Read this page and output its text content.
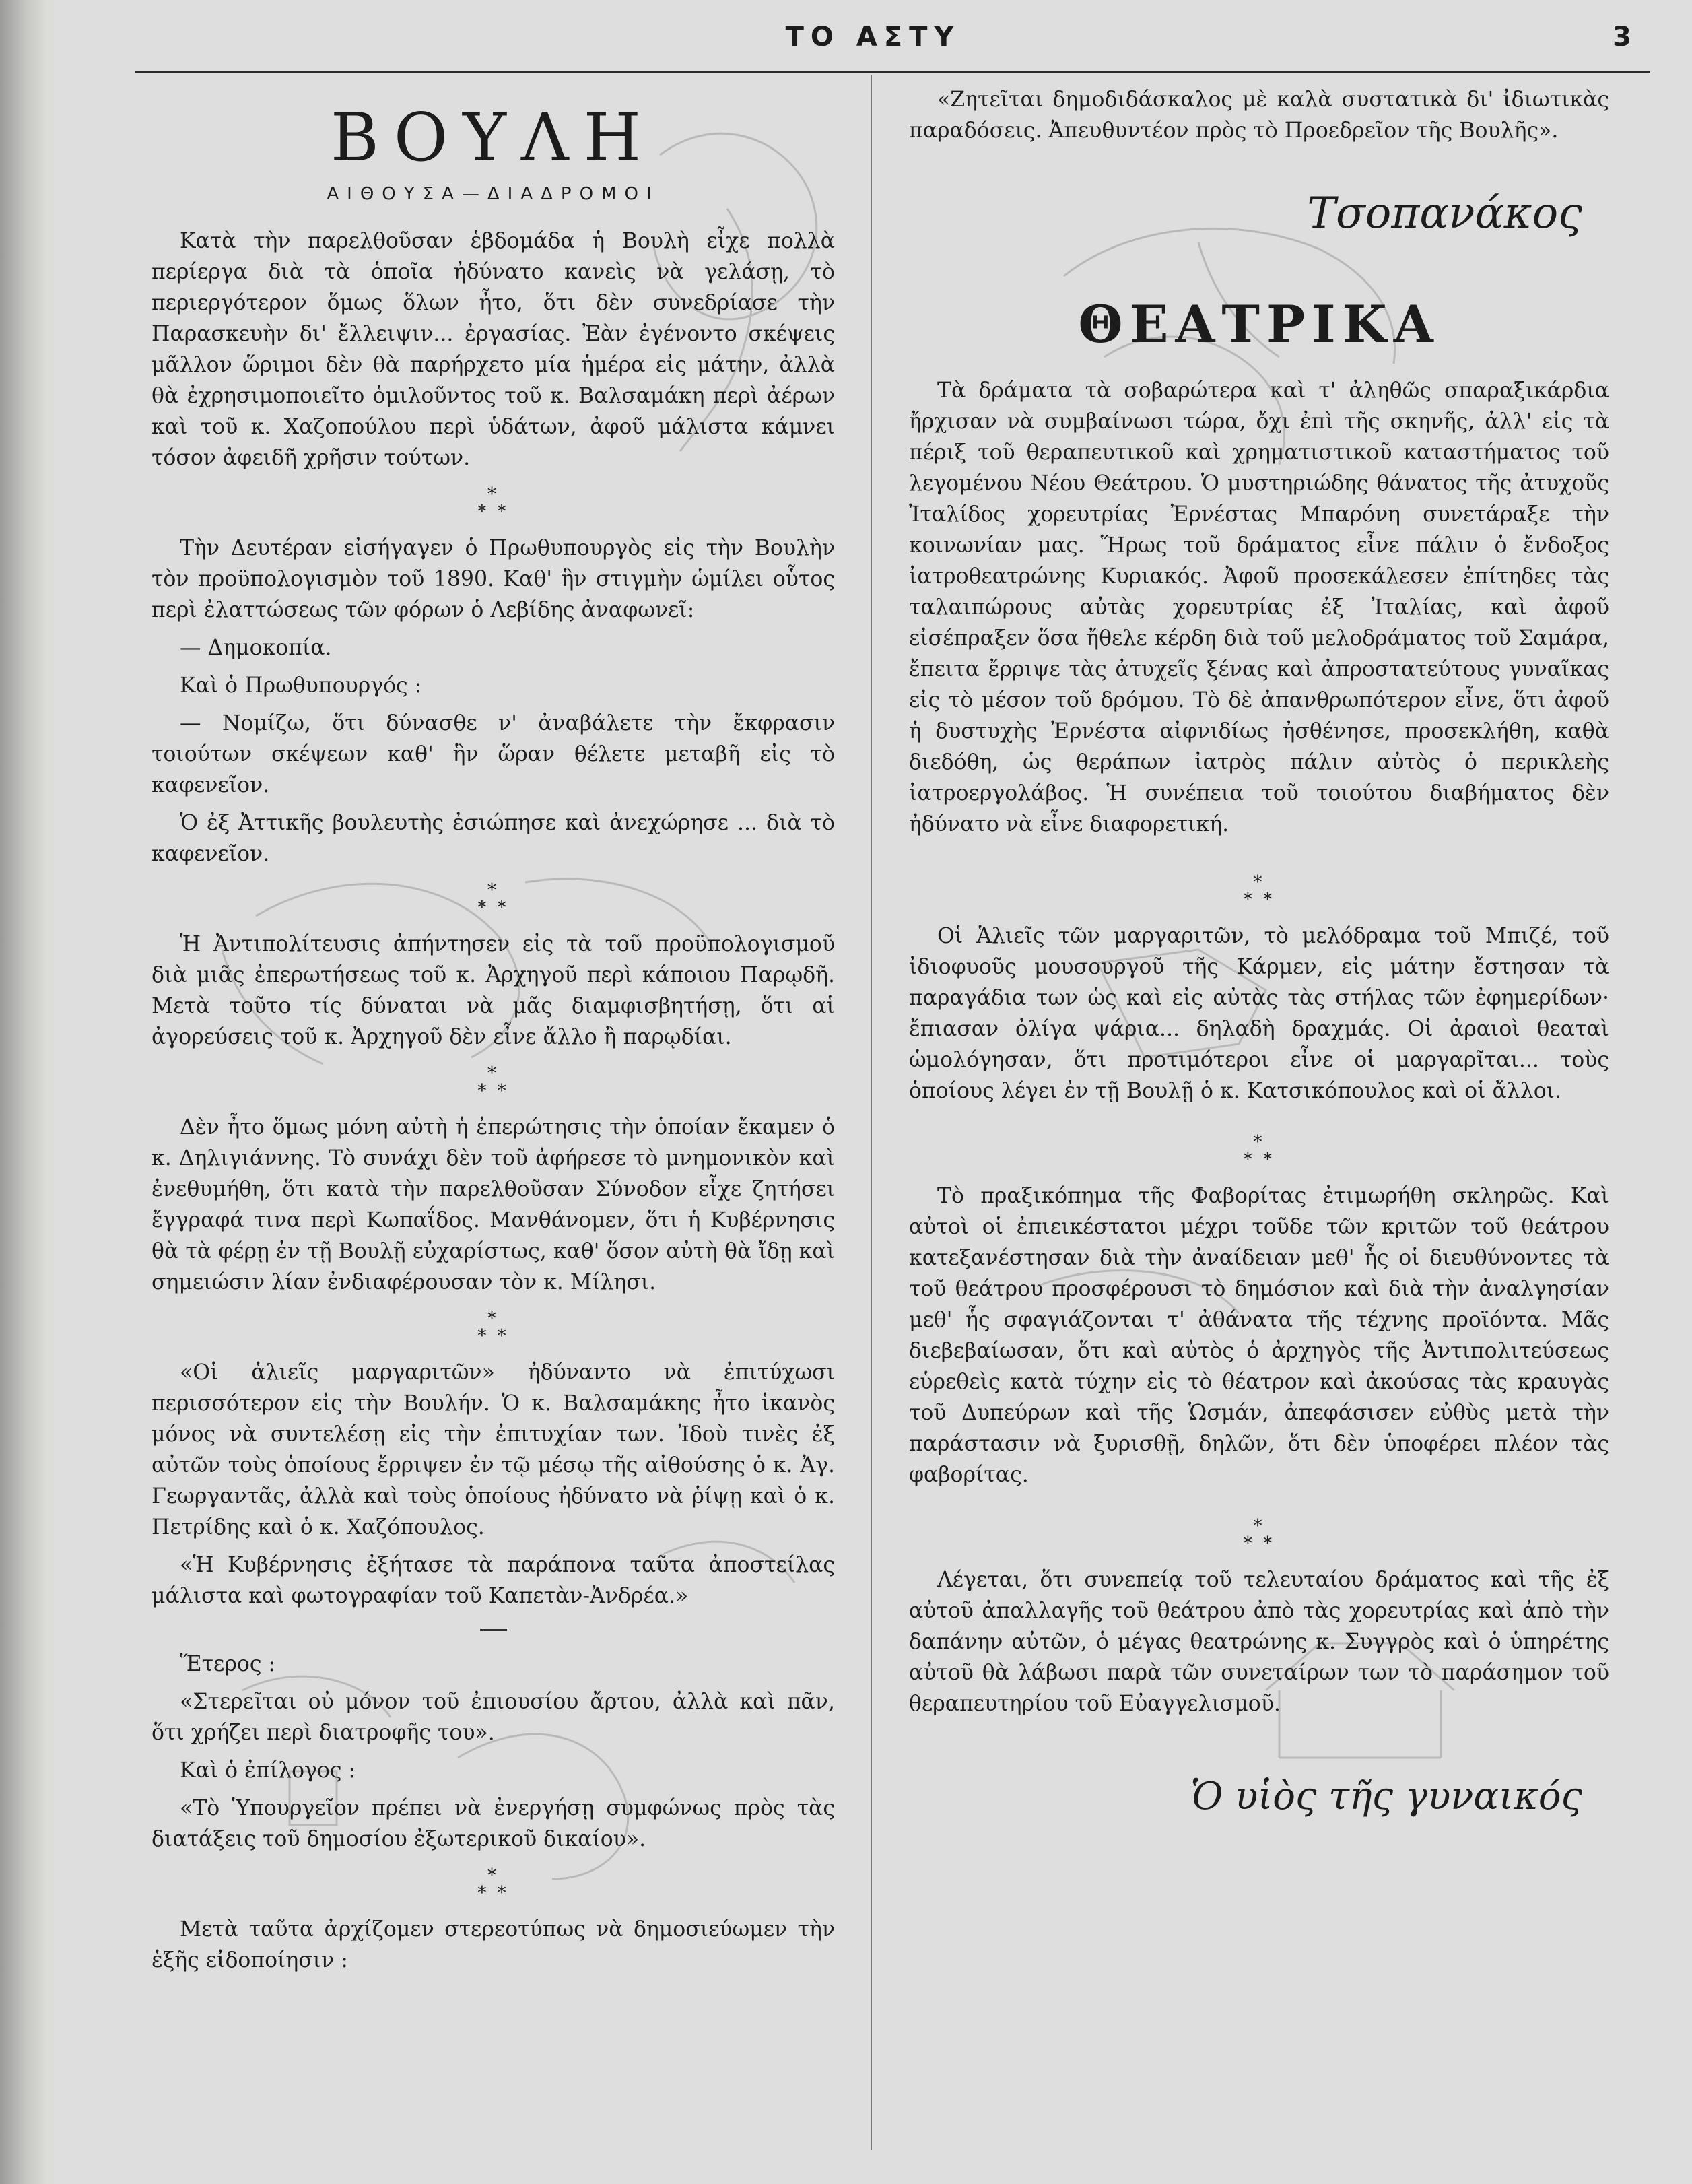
ΤΟ ΑΣΤΥ	3
ΒΟΥΛΗ
ΑΙΘΟΥΣΑ—ΔΙΑΔΡΟΜΟΙ

Κατὰ τὴν παρελθοῦσαν ἑβδομάδα ἡ Βουλὴ εἶχε πολλὰ περίεργα διὰ τὰ ὁποῖα ἠδύνατο κανεὶς νὰ γελάσῃ, τὸ περιεργότερον ὅμως ὅλων ἦτο, ὅτι δὲν συνεδρίασε τὴν Παρασκευὴν δι' ἔλλειψιν... ἐργασίας. Ἐὰν ἐγένοντο σκέψεις μᾶλλον ὥριμοι δὲν θὰ παρήρχετο μία ἡμέρα εἰς μάτην, ἀλλὰ θὰ ἐχρησιμοποιεῖτο ὁμιλοῦντος τοῦ κ. Βαλσαμάκη περὶ ἀέρων καὶ τοῦ κ. Χαζοπούλου περὶ ὑδάτων, ἀφοῦ μάλιστα κάμνει τόσον ἀφειδῆ χρῆσιν τούτων.

*
* *

Τὴν Δευτέραν εἰσήγαγεν ὁ Πρωθυπουργὸς εἰς τὴν Βουλὴν τὸν προϋπολογισμὸν τοῦ 1890. Καθ' ἣν στιγμὴν ὡμίλει οὗτος περὶ ἐλαττώσεως τῶν φόρων ὁ Λεβίδης ἀναφωνεῖ:

— Δημοκοπία.

Καὶ ὁ Πρωθυπουργός :

— Νομίζω, ὅτι δύνασθε ν' ἀναβάλετε τὴν ἔκφρασιν τοιούτων σκέψεων καθ' ἣν ὥραν θέλετε μεταβῆ εἰς τὸ καφενεῖον.

Ὁ ἐξ Ἀττικῆς βουλευτὴς ἐσιώπησε καὶ ἀνεχώρησε ... διὰ τὸ καφενεῖον.

*
* *

Ἡ Ἀντιπολίτευσις ἀπήντησεν εἰς τὰ τοῦ προϋπολογισμοῦ διὰ μιᾶς ἐπερωτήσεως τοῦ κ. Ἀρχηγοῦ περὶ κάποιου Παρῳδῆ. Μετὰ τοῦτο τίς δύναται νὰ μᾶς διαμφισβητήσῃ, ὅτι αἱ ἀγορεύσεις τοῦ κ. Ἀρχηγοῦ δὲν εἶνε ἄλλο ἢ παρῳδίαι.

*
* *

Δὲν ἦτο ὅμως μόνη αὐτὴ ἡ ἐπερώτησις τὴν ὁποίαν ἔκαμεν ὁ κ. Δηλιγιάννης. Τὸ συνάχι δὲν τοῦ ἀφήρεσε τὸ μνημονικὸν καὶ ἐνεθυμήθη, ὅτι κατὰ τὴν παρελθοῦσαν Σύνοδον εἶχε ζητήσει ἔγγραφά τινα περὶ Κωπαΐδος. Μανθάνομεν, ὅτι ἡ Κυβέρνησις θὰ τὰ φέρῃ ἐν τῇ Βουλῇ εὐχαρίστως, καθ' ὅσον αὐτὴ θὰ ἴδῃ καὶ σημειώσιν λίαν ἐνδιαφέρουσαν τὸν κ. Μίλησι.

*
* *

«Οἱ ἁλιεῖς μαργαριτῶν» ἠδύναντο νὰ ἐπιτύχωσι περισσότερον εἰς τὴν Βουλήν. Ὁ κ. Βαλσαμάκης ἦτο ἱκανὸς μόνος νὰ συντελέσῃ εἰς τὴν ἐπιτυχίαν των. Ἰδοὺ τινὲς ἐξ αὐτῶν τοὺς ὁποίους ἔρριψεν ἐν τῷ μέσῳ τῆς αἰθούσης ὁ κ. Ἀγ. Γεωργαντᾶς, ἀλλὰ καὶ τοὺς ὁποίους ἠδύνατο νὰ ῥίψῃ καὶ ὁ κ. Πετρίδης καὶ ὁ κ. Χαζόπουλος.

«Ἡ Κυβέρνησις ἐξήτασε τὰ παράπονα ταῦτα ἀποστείλας μάλιστα καὶ φωτογραφίαν τοῦ Καπετὰν-Ἀνδρέα.»

Ἕτερος :

«Στερεῖται οὐ μόνον τοῦ ἐπιουσίου ἄρτου, ἀλλὰ καὶ πᾶν, ὅτι χρήζει περὶ διατροφῆς του».

Καὶ ὁ ἐπίλογος :

«Τὸ Ὑπουργεῖον πρέπει νὰ ἐνεργήσῃ συμφώνως πρὸς τὰς διατάξεις τοῦ δημοσίου ἐξωτερικοῦ δικαίου».

*
* *

Μετὰ ταῦτα ἀρχίζομεν στερεοτύπως νὰ δημοσιεύωμεν τὴν ἑξῆς εἰδοποίησιν :

«Ζητεῖται δημοδιδάσκαλος μὲ καλὰ συστατικὰ δι' ἰδιωτικὰς παραδόσεις. Ἀπευθυντέον πρὸς τὸ Προεδρεῖον τῆς Βουλῆς».

Τσοπανάκος
ΘΕΑΤΡΙΚΑ

Τὰ δράματα τὰ σοβαρώτερα καὶ τ' ἀληθῶς σπαραξικάρδια ἤρχισαν νὰ συμβαίνωσι τώρα, ὄχι ἐπὶ τῆς σκηνῆς, ἀλλ' εἰς τὰ πέριξ τοῦ θεραπευτικοῦ καὶ χρηματιστικοῦ καταστήματος τοῦ λεγομένου Νέου Θεάτρου. Ὁ μυστηριώδης θάνατος τῆς ἀτυχοῦς Ἰταλίδος χορευτρίας Ἐρνέστας Μπαρόνη συνετάραξε τὴν κοινωνίαν μας. Ἥρως τοῦ δράματος εἶνε πάλιν ὁ ἔνδοξος ἰατροθεατρώνης Κυριακός. Ἀφοῦ προσεκάλεσεν ἐπίτηδες τὰς ταλαιπώρους αὐτὰς χορευτρίας ἐξ Ἰταλίας, καὶ ἀφοῦ εἰσέπραξεν ὅσα ἤθελε κέρδη διὰ τοῦ μελοδράματος τοῦ Σαμάρα, ἔπειτα ἔρριψε τὰς ἀτυχεῖς ξένας καὶ ἀπροστατεύτους γυναῖκας εἰς τὸ μέσον τοῦ δρόμου. Τὸ δὲ ἀπανθρωπότερον εἶνε, ὅτι ἀφοῦ ἡ δυστυχὴς Ἐρνέστα αἰφνιδίως ἠσθένησε, προσεκλήθη, καθὰ διεδόθη, ὡς θεράπων ἰατρὸς πάλιν αὐτὸς ὁ περικλεὴς ἰατροεργολάβος. Ἡ συνέπεια τοῦ τοιούτου διαβήματος δὲν ἠδύνατο νὰ εἶνε διαφορετική.

*
* *

Οἱ Ἁλιεῖς τῶν μαργαριτῶν, τὸ μελόδραμα τοῦ Μπιζέ, τοῦ ἰδιοφυοῦς μουσουργοῦ τῆς Κάρμεν, εἰς μάτην ἔστησαν τὰ παραγάδια των ὡς καὶ εἰς αὐτὰς τὰς στήλας τῶν ἐφημερίδων· ἔπιασαν ὀλίγα ψάρια... δηλαδὴ δραχμάς. Οἱ ἀραιοὶ θεαταὶ ὡμολόγησαν, ὅτι προτιμότεροι εἶνε οἱ μαργαρῖται... τοὺς ὁποίους λέγει ἐν τῇ Βουλῇ ὁ κ. Κατσικόπουλος καὶ οἱ ἄλλοι.

*
* *

Τὸ πραξικόπημα τῆς Φαβορίτας ἐτιμωρήθη σκληρῶς. Καὶ αὐτοὶ οἱ ἐπιεικέστατοι μέχρι τοῦδε τῶν κριτῶν τοῦ θεάτρου κατεξανέστησαν διὰ τὴν ἀναίδειαν μεθ' ἧς οἱ διευθύνοντες τὰ τοῦ θεάτρου προσφέρουσι τὸ δημόσιον καὶ διὰ τὴν ἀναλγησίαν μεθ' ἧς σφαγιάζονται τ' ἀθάνατα τῆς τέχνης προϊόντα. Μᾶς διεβεβαίωσαν, ὅτι καὶ αὐτὸς ὁ ἀρχηγὸς τῆς Ἀντιπολιτεύσεως εὑρεθεὶς κατὰ τύχην εἰς τὸ θέατρον καὶ ἀκούσας τὰς κραυγὰς τοῦ Δυπεύρων καὶ τῆς Ὡσμάν, ἀπεφάσισεν εὐθὺς μετὰ τὴν παράστασιν νὰ ξυρισθῇ, δηλῶν, ὅτι δὲν ὑποφέρει πλέον τὰς φαβορίτας.

*
* *

Λέγεται, ὅτι συνεπείᾳ τοῦ τελευταίου δράματος καὶ τῆς ἐξ αὐτοῦ ἀπαλλαγῆς τοῦ θεάτρου ἀπὸ τὰς χορευτρίας καὶ ἀπὸ τὴν δαπάνην αὐτῶν, ὁ μέγας θεατρώνης κ. Συγγρὸς καὶ ὁ ὑπηρέτης αὐτοῦ θὰ λάβωσι παρὰ τῶν συνεταίρων των τὸ παράσημον τοῦ θεραπευτηρίου τοῦ Εὐαγγελισμοῦ.

Ὁ υἱὸς τῆς γυναικός
